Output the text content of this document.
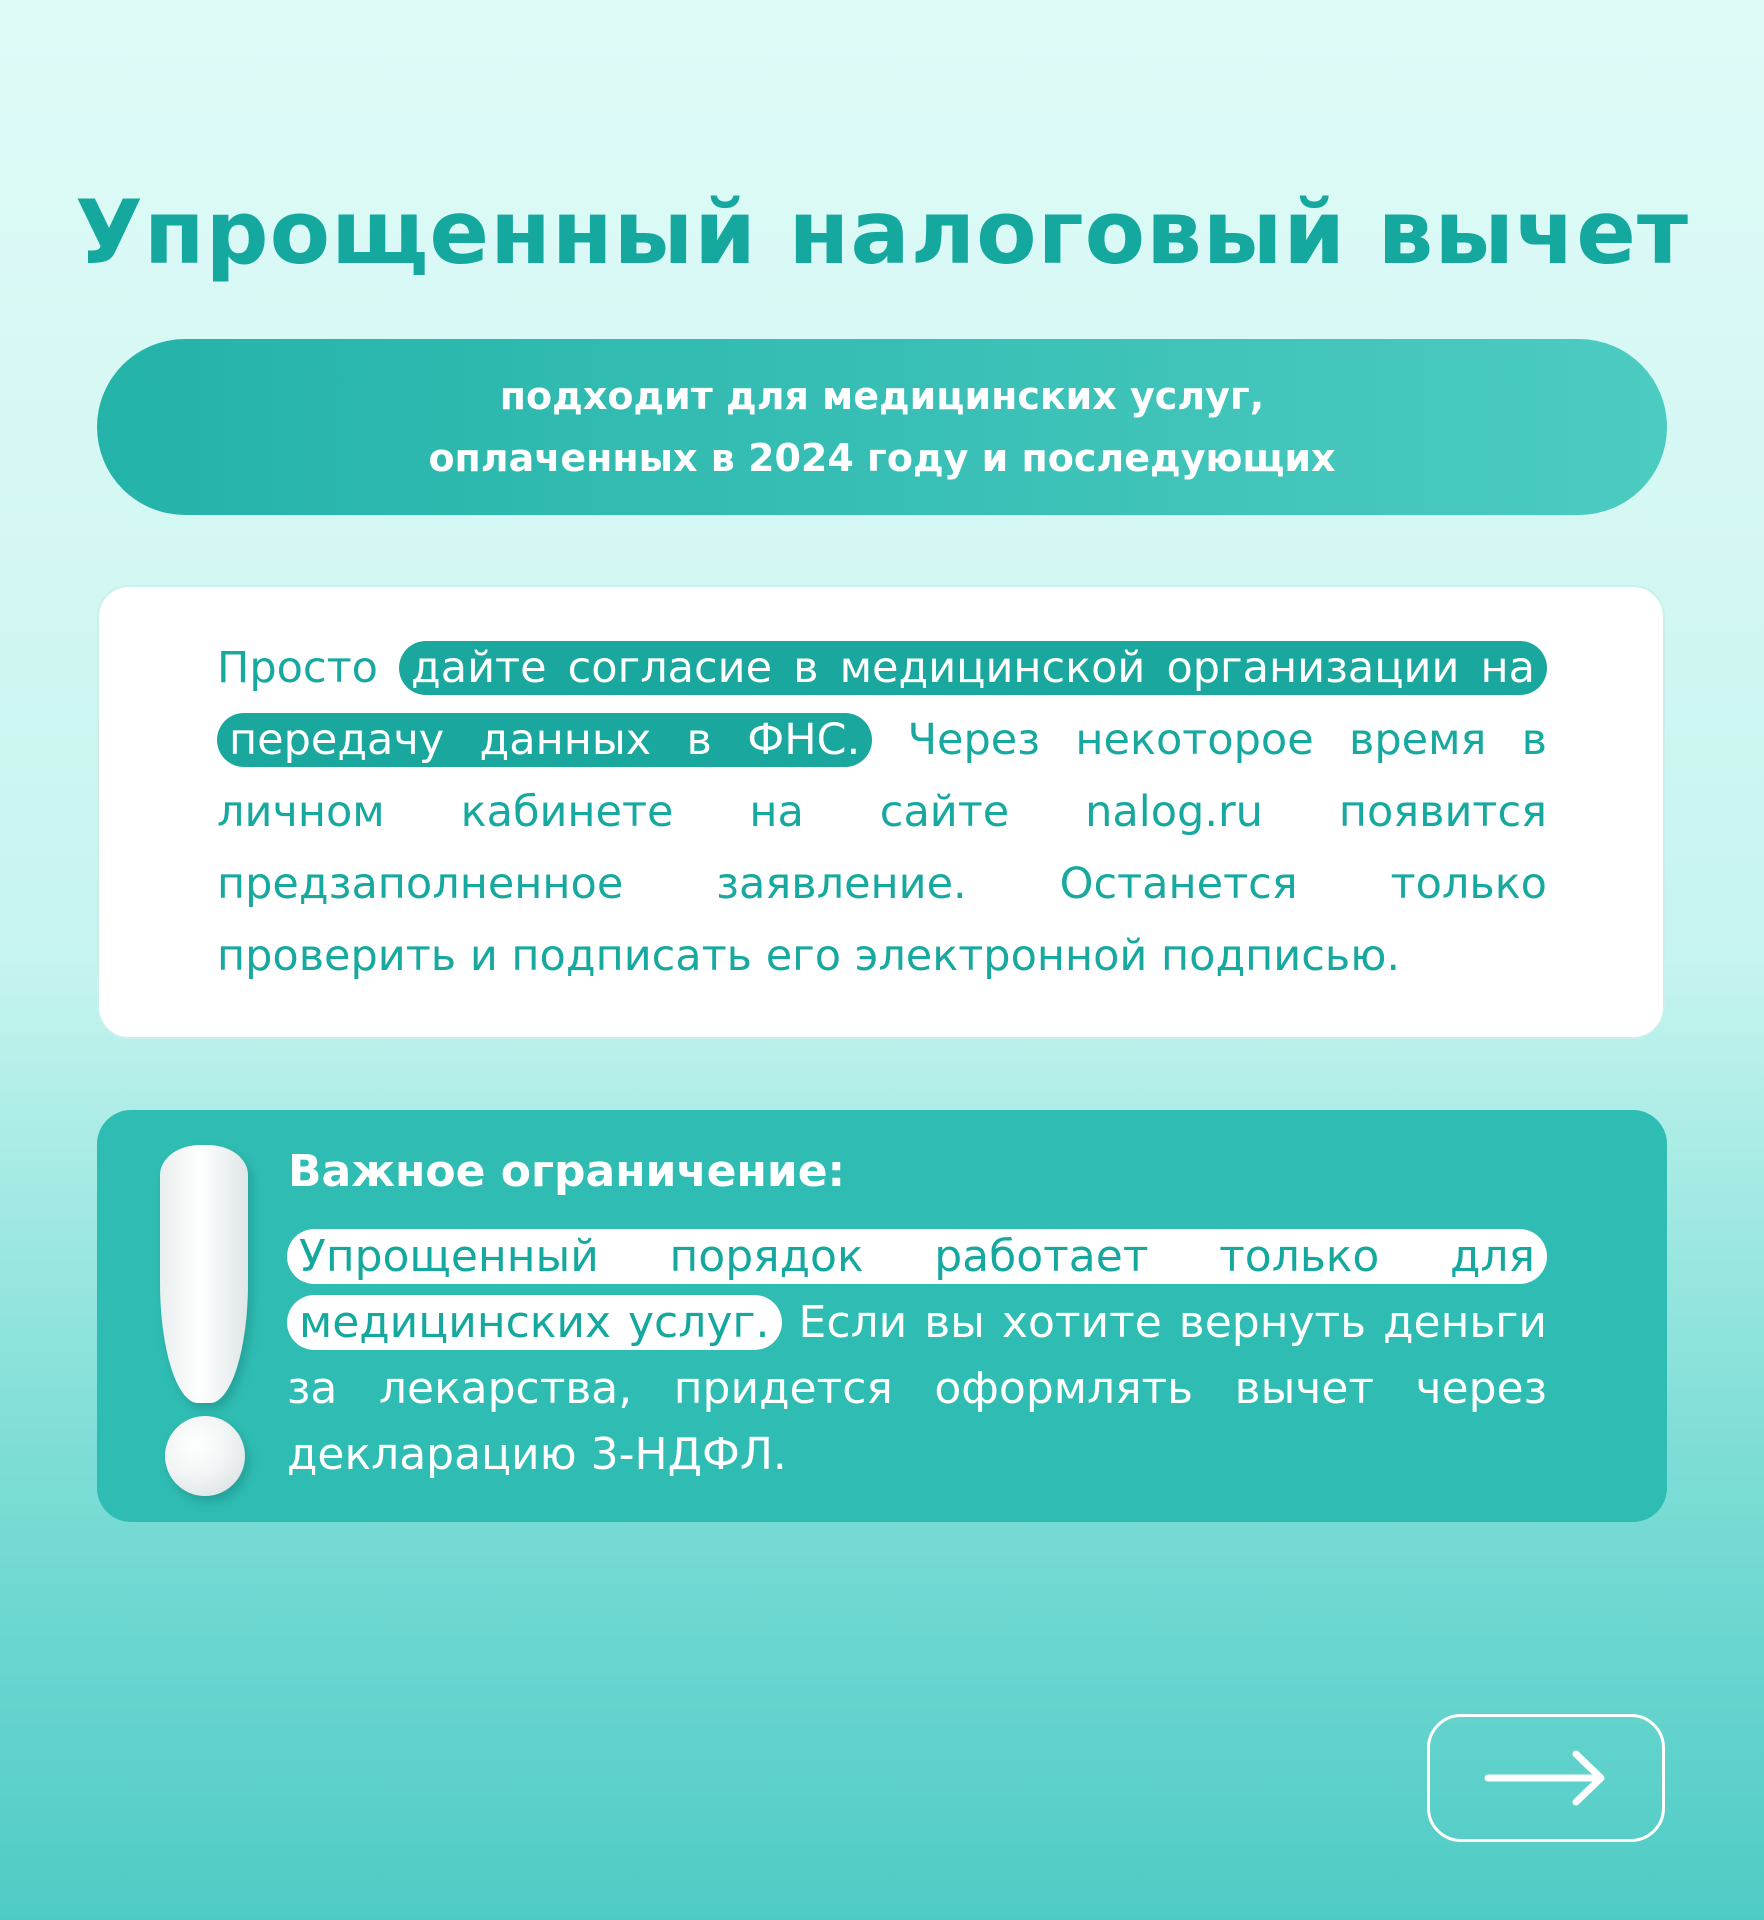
Упрощенный налоговый вычет
подходит для медицинских услуг,
оплаченных в 2024 году и последующих
Просто дайте согласие в медицинской организации на передачу данных в ФНС. Через некоторое время в личном кабинете на сайте nalog.ru появится предзаполненное заявление. Останется только проверить и подписать его электронной подписью.
Важное ограничение:
Упрощенный порядок работает только для медицинских услуг. Если вы хотите вернуть деньги за лекарства, придется оформлять вычет через декларацию 3-НДФЛ.
